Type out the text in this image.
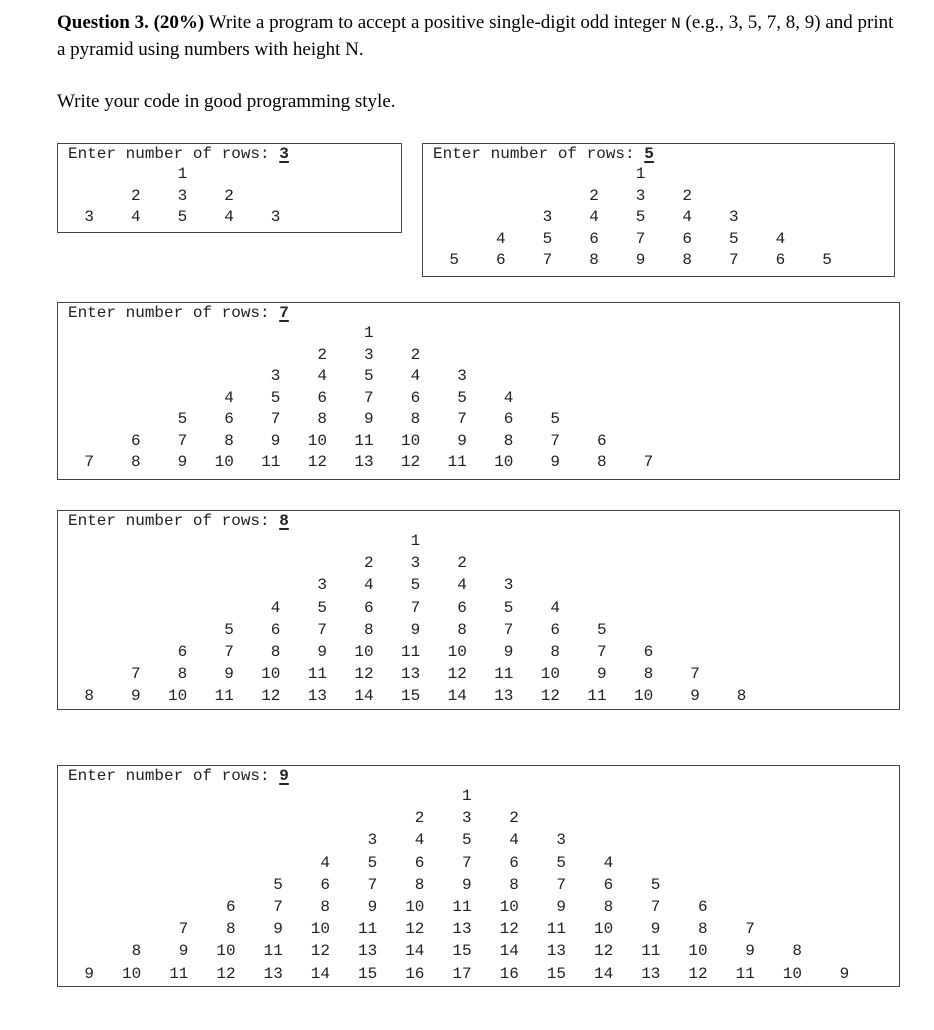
Question 3. (20%) Write a program to accept a positive single-digit odd integer N (e.g., 3, 5, 7, 8, 9) and print a pyramid using numbers with height N.
Write your code in good programming style.
Enter number of rows: 3
1
2	3	2
3	4	5	4	3
Enter number of rows: 5
1
2	3	2
3	4	5	4	3
4	5	6	7	6	5	4
5	6	7	8	9	8	7	6	5
Enter number of rows: 7
1
2	3	2
3	4	5	4	3
4	5	6	7	6	5	4
5	6	7	8	9	8	7	6	5
6	7	8	9	10	11	10	9	8	7	6
7	8	9	10	11	12	13	12	11	10	9	8	7
Enter number of rows: 8
1
2	3	2
3	4	5	4	3
4	5	6	7	6	5	4
5	6	7	8	9	8	7	6	5
6	7	8	9	10	11	10	9	8	7	6
7	8	9	10	11	12	13	12	11	10	9	8	7
8	9	10	11	12	13	14	15	14	13	12	11	10	9	8
Enter number of rows: 9
1
2	3	2
3	4	5	4	3
4	5	6	7	6	5	4
5	6	7	8	9	8	7	6	5
6	7	8	9	10	11	10	9	8	7	6
7	8	9	10	11	12	13	12	11	10	9	8	7
8	9	10	11	12	13	14	15	14	13	12	11	10	9	8
9	10	11	12	13	14	15	16	17	16	15	14	13	12	11	10	9
